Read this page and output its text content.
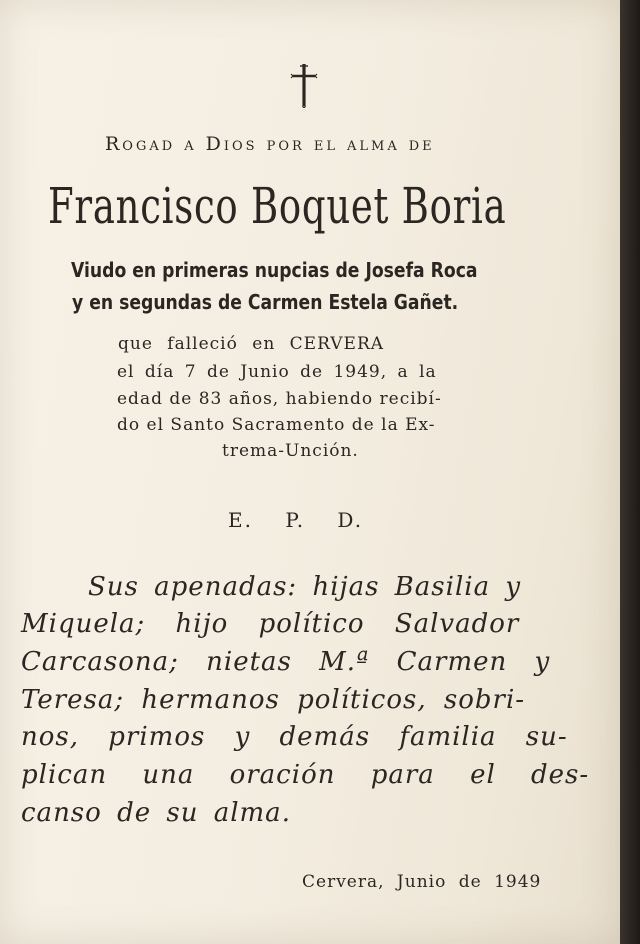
Rogad a Dios por el alma de
Francisco Boquet Boria
Viudo en primeras nupcias de Josefa Roca
y en segundas de Carmen Estela Gañet.
que falleció en CERVERA
el día 7 de Junio de 1949, a la
edad de 83 años, habiendo recibí-
do el Santo Sacramento de la Ex-
trema-Unción.
E. P. D.
Sus apenadas: hijas Basilia y
Miquela; hijo político Salvador
Carcasona; nietas M.ª Carmen y
Teresa; hermanos políticos, sobri-
nos, primos y demás familia su-
plican una oración para el des-
canso de su alma.
Cervera, Junio de 1949
